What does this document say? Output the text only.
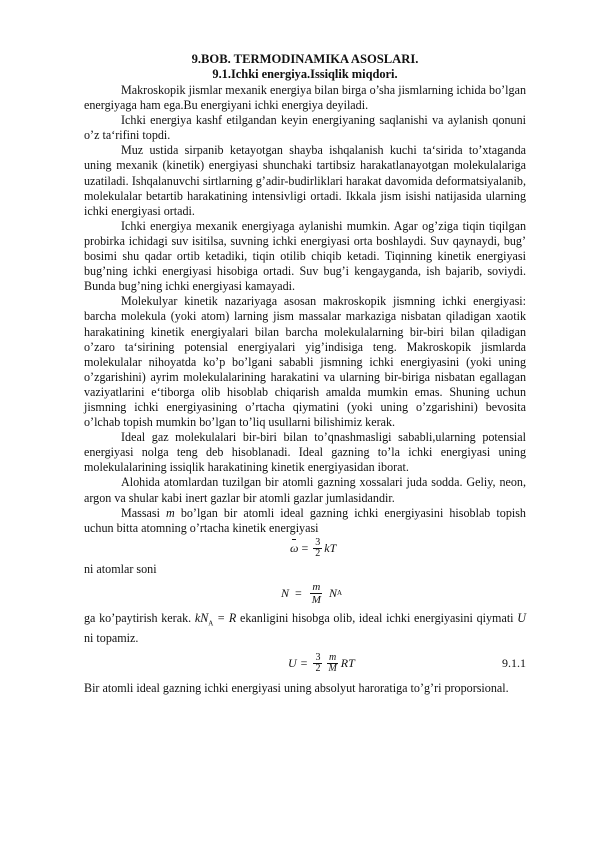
9.BOB. TERMODINAMIKA ASOSLARI.
9.1.Ichki energiya.Issiqlik miqdori.

Makroskopik jismlar mexanik energiya bilan birga o’sha jismlarning ichida bo’lgan energiyaga ham ega.Bu energiyani ichki energiya deyiladi.

Ichki energiya kashf etilgandan keyin energiyaning saqlanishi va aylanish qonuni o’z ta‘rifini topdi.

Muz ustida sirpanib ketayotgan shayba ishqalanish kuchi ta‘sirida to’xtaganda uning mexanik (kinetik) energiyasi shunchaki tartibsiz harakatlanayotgan molekulalariga uzatiladi. Ishqalanuvchi sirtlarning g’adir-budirliklari harakat davomida deformatsiyalanib, molekulalar betartib harakatining intensivligi ortadi. Ikkala jism isishi natijasida ularning ichki energiyasi ortadi.

Ichki energiya mexanik energiyaga aylanishi mumkin. Agar og’ziga tiqin tiqilgan probirka ichidagi suv isitilsa, suvning ichki energiyasi orta boshlaydi. Suv qaynaydi, bug’ bosimi shu qadar ortib ketadiki, tiqin otilib chiqib ketadi. Tiqinning kinetik energiyasi bug’ning ichki energiyasi hisobiga ortadi. Suv bug’i kengayganda, ish bajarib, soviydi. Bunda bug’ning ichki energiyasi kamayadi.

Molekulyar kinetik nazariyaga asosan makroskopik jismning ichki energiyasi: barcha molekula (yoki atom) larning jism massalar markaziga nisbatan qiladigan xaotik harakatining kinetik energiyalari bilan barcha molekulalarning bir-biri bilan qiladigan o’zaro ta‘sirining potensial energiyalari yig’indisiga teng. Makroskopik jismlarda molekulalar nihoyatda ko’p bo’lgani sababli jismning ichki energiyasini (yoki uning o’zgarishini) ayrim molekulalarining harakatini va ularning bir-biriga nisbatan egallagan vaziyatlarini e‘tiborga olib hisoblab chiqarish amalda mumkin emas. Shuning uchun jismning ichki energiyasining o’rtacha qiymatini (yoki uning o’zgarishini) bevosita o’lchab topish mumkin bo’lgan to’liq usullarni bilishimiz kerak.

Ideal gaz molekulalari bir-biri bilan to’qnashmasligi sababli,ularning potensial energiyasi nolga teng deb hisoblanadi. Ideal gazning to’la ichki energiyasi uning molekulalarining issiqlik harakatining kinetik energiyasidan iborat.

Alohida atomlardan tuzilgan bir atomli gazning xossalari juda sodda. Geliy, neon, argon va shular kabi inert gazlar bir atomli gazlar jumlasidandir.

Massasi m bo’lgan bir atomli ideal gazning ichki energiyasini hisoblab topish uchun bitta atomning o’rtacha kinetik energiyasi

$\omega = \frac{3}{2}$ kT

ni atomlar soni

$N = \frac{m}{M}$ N A

ga ko’paytirish kerak. $kN_A = R$ ekanligini hisobga olib, ideal ichki energiyasini qiymati U ni topamiz.

$U = \frac{3}{2} \frac{m}{M}$ RT	9.1.1

Bir atomli ideal gazning ichki energiyasi uning absolyut haroratiga to’g’ri proporsional.
